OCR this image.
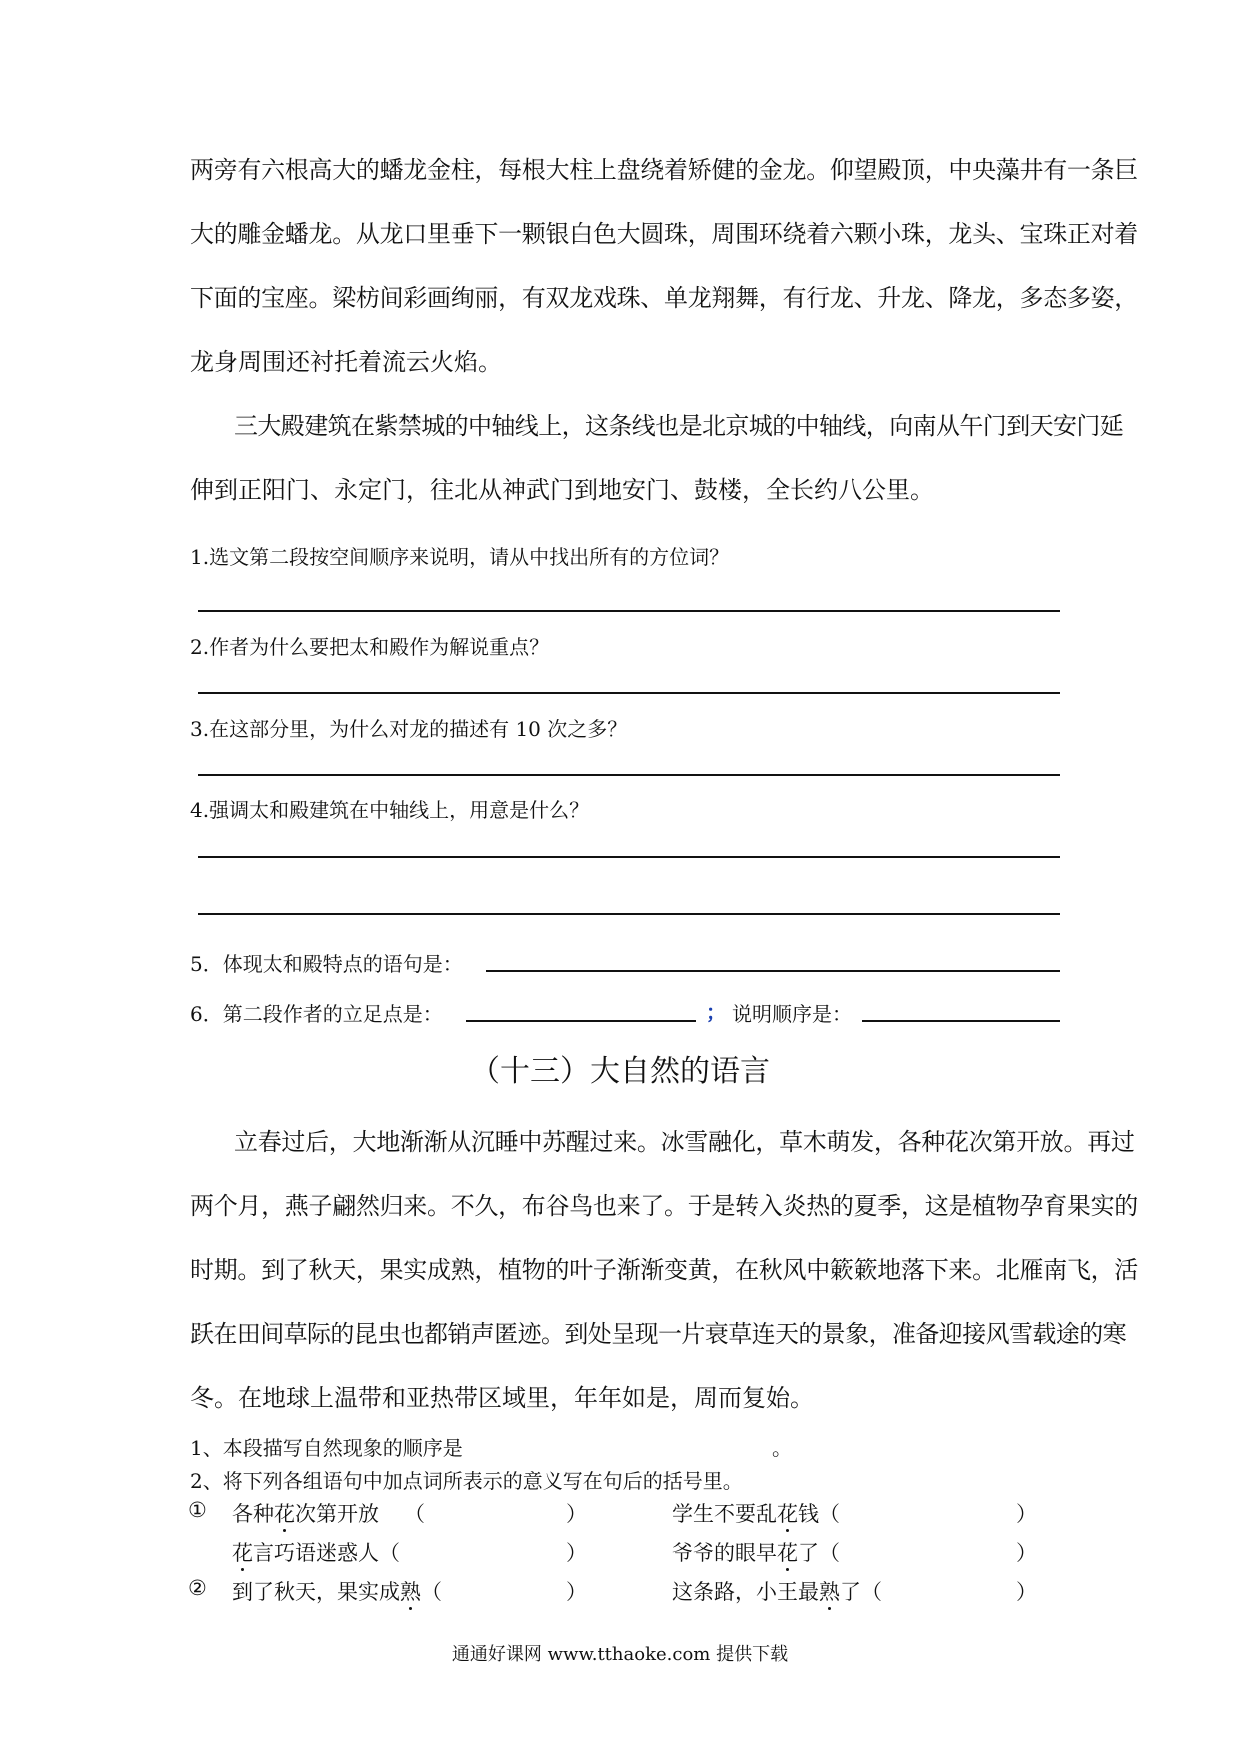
两旁有六根高大的蟠龙金柱，每根大柱上盘绕着矫健的金龙。仰望殿顶，中央藻井有一条巨
大的雕金蟠龙。从龙口里垂下一颗银白色大圆珠，周围环绕着六颗小珠，龙头、宝珠正对着
下面的宝座。梁枋间彩画绚丽，有双龙戏珠、单龙翔舞，有行龙、升龙、降龙，多态多姿，
龙身周围还衬托着流云火焰。
三大殿建筑在紫禁城的中轴线上，这条线也是北京城的中轴线，向南从午门到天安门延
伸到正阳门、永定门，往北从神武门到地安门、鼓楼，全长约八公里。
1.选文第二段按空间顺序来说明，请从中找出所有的方位词？
2.作者为什么要把太和殿作为解说重点？
3.在这部分里，为什么对龙的描述有 10 次之多？
4.强调太和殿建筑在中轴线上，用意是什么？
5．体现太和殿特点的语句是：
6．第二段作者的立足点是：	； 说明顺序是：
（十三）大自然的语言
立春过后，大地渐渐从沉睡中苏醒过来。冰雪融化，草木萌发，各种花次第开放。再过
两个月，燕子翩然归来。不久，布谷鸟也来了。于是转入炎热的夏季，这是植物孕育果实的
时期。到了秋天，果实成熟，植物的叶子渐渐变黄，在秋风中簌簌地落下来。北雁南飞，活
跃在田间草际的昆虫也都销声匿迹。到处呈现一片衰草连天的景象，准备迎接风雪载途的寒
冬。在地球上温带和亚热带区域里，年年如是，周而复始。
1、本段描写自然现象的顺序是	。
2、将下列各组语句中加点词所表示的意义写在句后的括号里。
① 各种花次第开放 （	）	学生不要乱花钱（	）
花言巧语迷惑人（	）	爷爷的眼早花了（	）
② 到了秋天，果实成熟（	）	这条路，小王最熟了（	）
通通好课网 www.tthaoke.com 提供下载
